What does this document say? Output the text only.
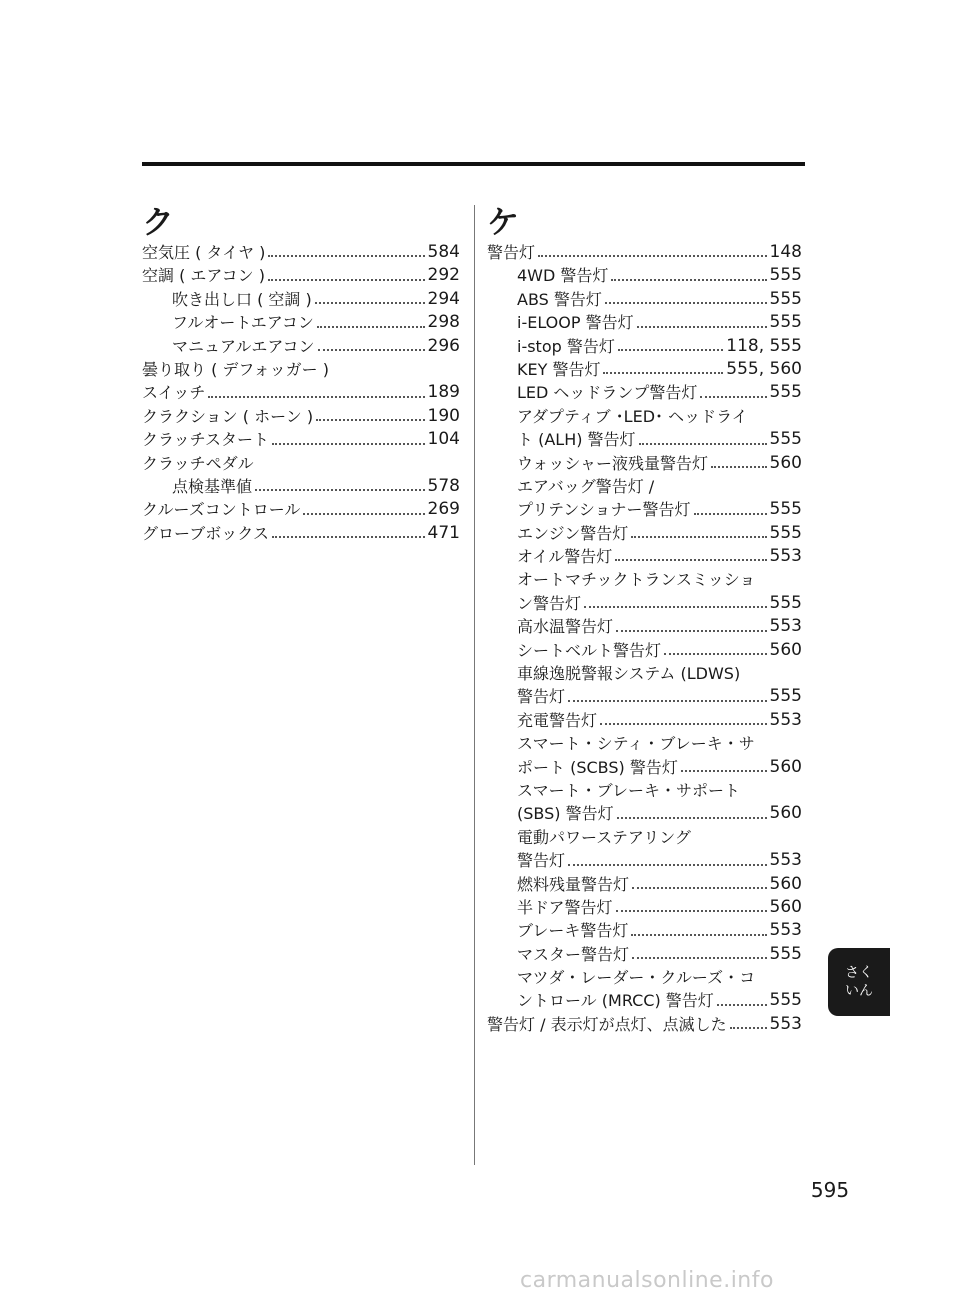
ク
空気圧 ( タイヤ )	584
空調 ( エアコン )	292
吹き出し口 ( 空調 )	294
フルオートエアコン	298
マニュアルエアコン	296
曇り取り ( デフォッガー )
スイッチ	189
クラクション ( ホーン )	190
クラッチスタート	104
クラッチペダル
点検基準値	578
クルーズコントロール	269
グローブボックス	471
ケ
警告灯	148
4WD 警告灯	555
ABS 警告灯	555
i-ELOOP 警告灯	555
i-stop 警告灯	118, 555
KEY 警告灯	555, 560
LED ヘッドランプ警告灯	555
アダプティブ ･LED･ ヘッドライ
ト (ALH) 警告灯	555
ウォッシャー液残量警告灯	560
エアバッグ警告灯 /
プリテンショナー警告灯	555
エンジン警告灯	555
オイル警告灯	553
オートマチックトランスミッショ
ン警告灯	555
高水温警告灯	553
シートベルト警告灯	560
車線逸脱警報システム (LDWS)
警告灯	555
充電警告灯	553
スマート・シティ・ブレーキ・サ
ポート (SCBS) 警告灯	560
スマート・ブレーキ・サポート
(SBS) 警告灯	560
電動パワーステアリング
警告灯	553
燃料残量警告灯	560
半ドア警告灯	560
ブレーキ警告灯	553
マスター警告灯	555
マツダ・レーダー・クルーズ・コ
ントロール (MRCC) 警告灯	555
警告灯 / 表示灯が点灯、点滅した	553
595
さく
いん
carmanualsonline.info
